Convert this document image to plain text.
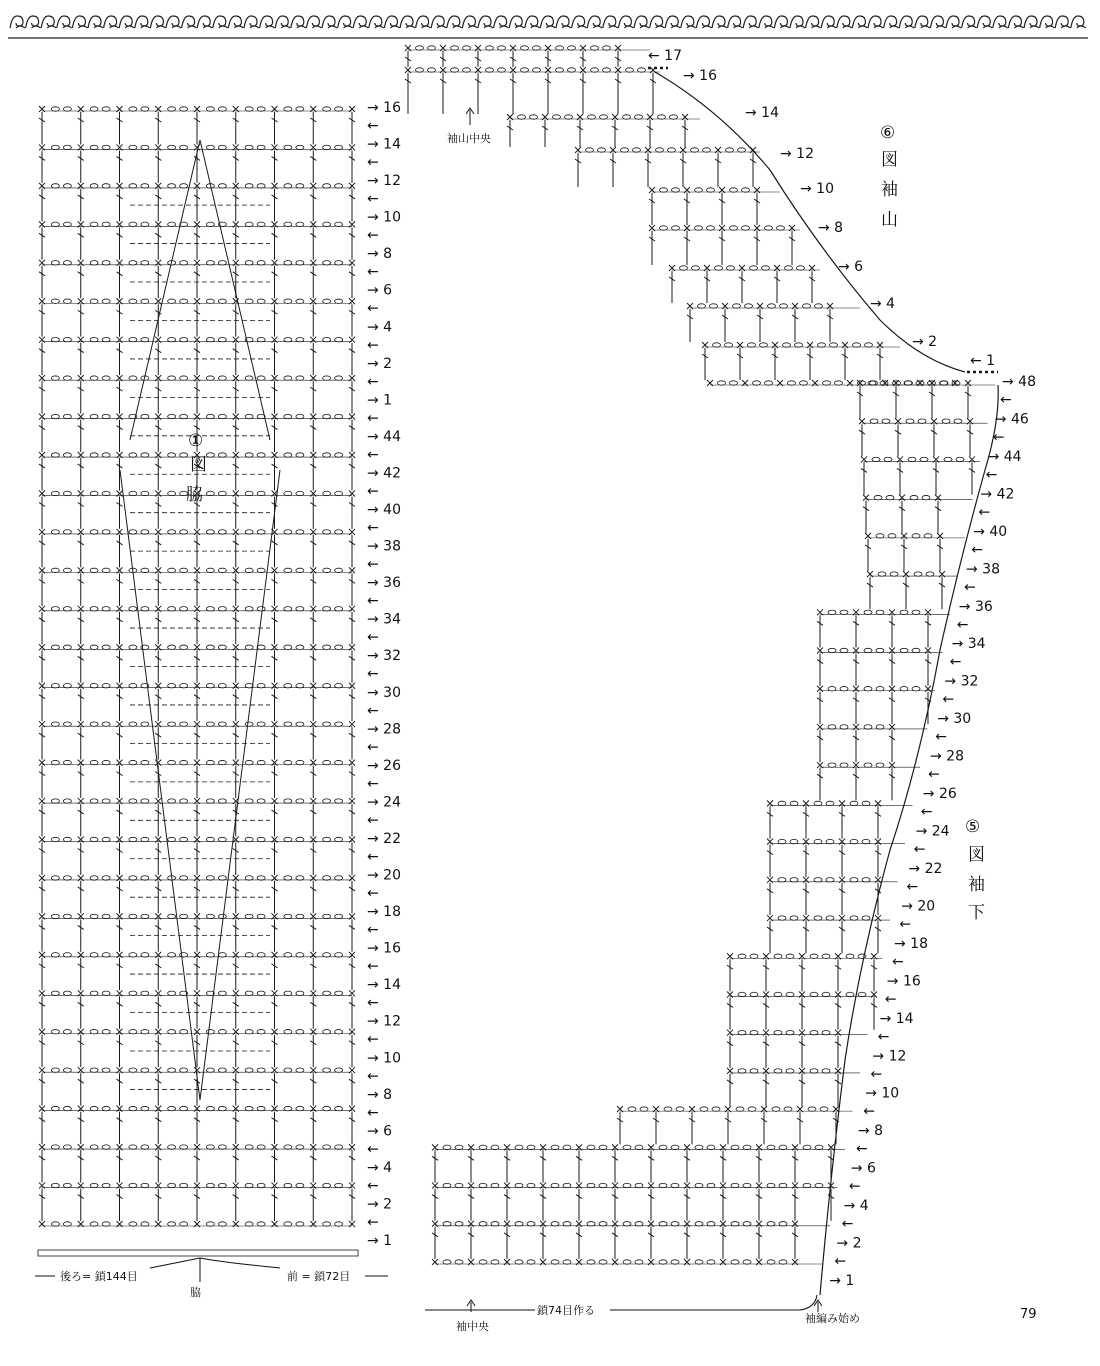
→ 16
←
→ 14
←
→ 12
←
→ 10
←
→ 8
←
→ 6
←
→ 4
←
→ 2
←
→ 1
←
→ 44
←
→ 42
←
→ 40
←
→ 38
←
→ 36
←
→ 34
←
→ 32
←
→ 30
←
→ 28
←
→ 26
←
→ 24
←
→ 22
←
→ 20
←
→ 18
←
→ 16
←
→ 14
←
→ 12
←
→ 10
←
→ 8
←
→ 6
←
→ 4
←
→ 2
←
→ 1
①
図
脇
後ろ= 鎖144目	前 = 鎖72目
脇
← 17
→ 16
→ 14
→ 12
→ 10
→ 8
→ 6
→ 4
→ 2
← 1
⑥
図
袖
山
袖山中央
→ 48
←
→ 46
←
→ 44
←
→ 42
←
→ 40
←
→ 38
←
→ 36
←
→ 34
←
→ 32
←
→ 30
←
→ 28
←
→ 26
←
→ 24
←
→ 22
←
→ 20
←
→ 18
←
→ 16
←
→ 14
←
→ 12
←
→ 10
←
→ 8
←
→ 6
←
→ 4
←
→ 2
←
→ 1
⑤
図
袖
下
鎖74目作る
袖中央
袖編み始め	79
